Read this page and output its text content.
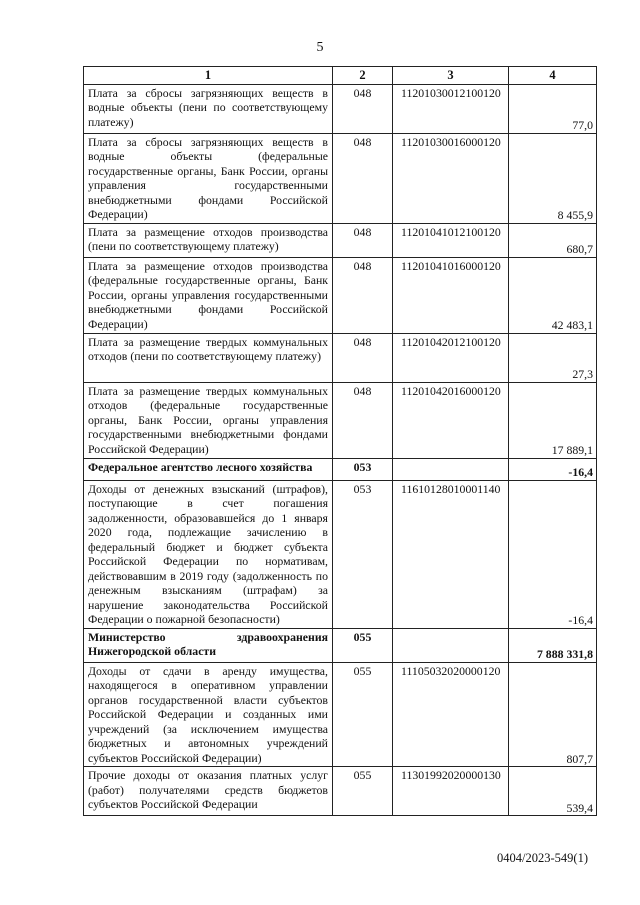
5
1	2	3	4
Плата за сбросы загрязняющих веществ в водные объекты (пени по соответствующему платежу)	048	11201030012100120	77,0
Плата за сбросы загрязняющих веществ в водные объекты (федеральные государственные органы, Банк России, органы управления государственными внебюджетными фондами Российской Федерации)	048	11201030016000120	8 455,9
Плата за размещение отходов производства (пени по соответствующему платежу)	048	11201041012100120	680,7
Плата за размещение отходов производства (федеральные государственные органы, Банк России, органы управления государственными внебюджетными фондами Российской Федерации)	048	11201041016000120	42 483,1
Плата за размещение твердых коммунальных отходов (пени по соответствующему платежу)	048	11201042012100120	27,3
Плата за размещение твердых коммунальных отходов (федеральные государственные органы, Банк России, органы управления государственными внебюджетными фондами Российской Федерации)	048	11201042016000120	17 889,1
Федеральное агентство лесного хозяйства	053		-16,4
Доходы от денежных взысканий (штрафов), поступающие в счет погашения задолженности, образовавшейся до 1 января 2020 года, подлежащие зачислению в федеральный бюджет и бюджет субъекта Российской Федерации по нормативам, действовавшим в 2019 году (задолженность по денежным взысканиям (штрафам) за нарушение законодательства Российской Федерации о пожарной безопасности)	053	11610128010001140	-16,4
Министерство здравоохранения Нижегородской области	055		7 888 331,8
Доходы от сдачи в аренду имущества, находящегося в оперативном управлении органов государственной власти субъектов Российской Федерации и созданных ими учреждений (за исключением имущества бюджетных и автономных учреждений субъектов Российской Федерации)	055	11105032020000120	807,7
Прочие доходы от оказания платных услуг (работ) получателями средств бюджетов субъектов Российской Федерации	055	11301992020000130	539,4
0404/2023-549(1)
